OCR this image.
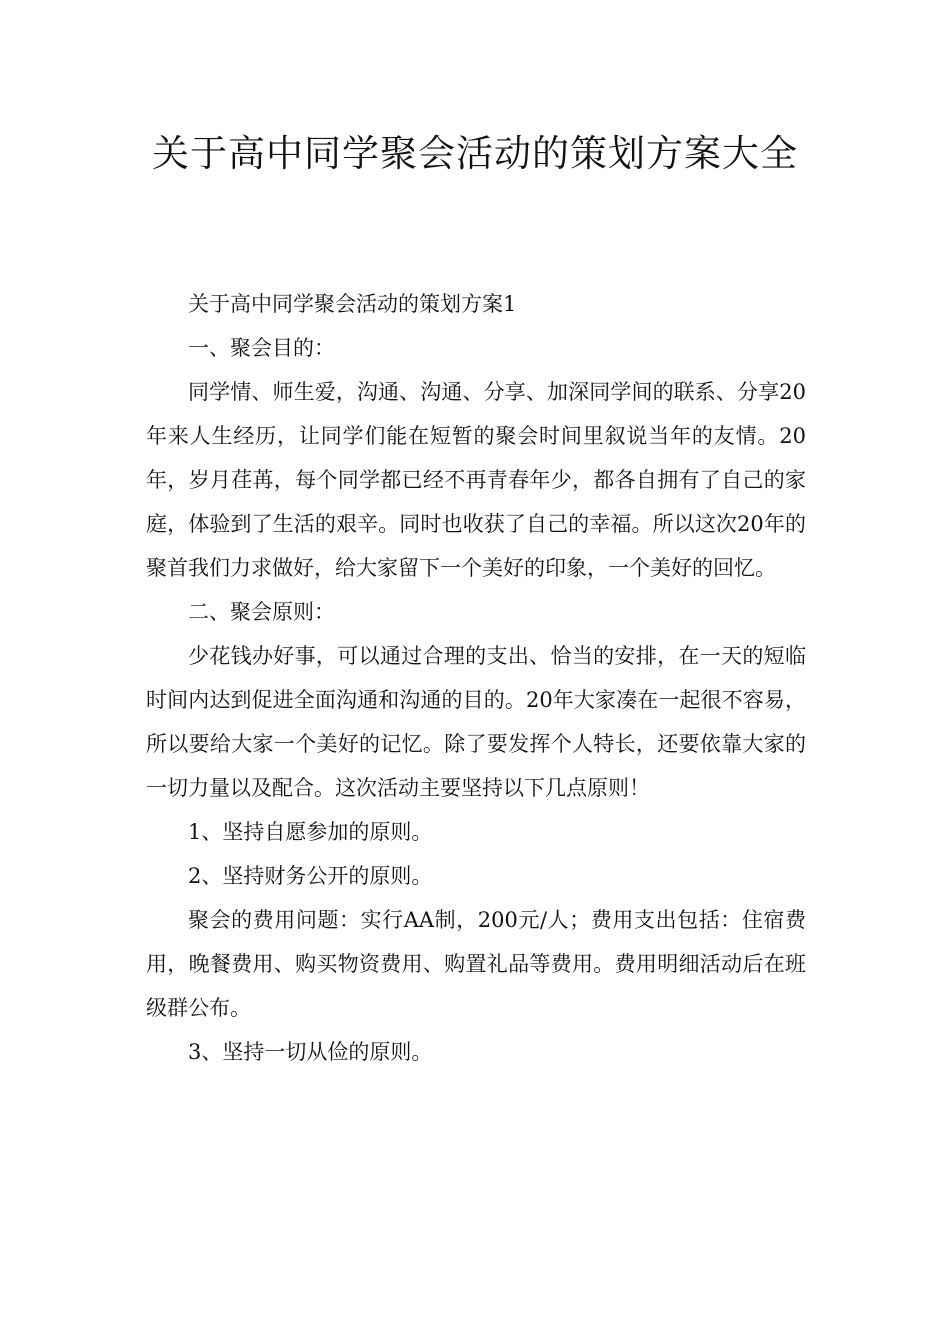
关于高中同学聚会活动的策划方案大全

关于高中同学聚会活动的策划方案1

一、聚会目的：

同学情、师生爱，沟通、沟通、分享、加深同学间的联系、分享20年来人生经历，让同学们能在短暂的聚会时间里叙说当年的友情。20年，岁月荏苒，每个同学都已经不再青春年少，都各自拥有了自己的家庭，体验到了生活的艰辛。同时也收获了自己的幸福。所以这次20年的聚首我们力求做好，给大家留下一个美好的印象，一个美好的回忆。

二、聚会原则：

少花钱办好事，可以通过合理的支出、恰当的安排，在一天的短临时间内达到促进全面沟通和沟通的目的。20年大家凑在一起很不容易，所以要给大家一个美好的记忆。除了要发挥个人特长，还要依靠大家的一切力量以及配合。这次活动主要坚持以下几点原则！

1、坚持自愿参加的原则。

2、坚持财务公开的原则。

聚会的费用问题：实行AA制，200元/人；费用支出包括：住宿费用，晚餐费用、购买物资费用、购置礼品等费用。费用明细活动后在班级群公布。

3、坚持一切从俭的原则。
